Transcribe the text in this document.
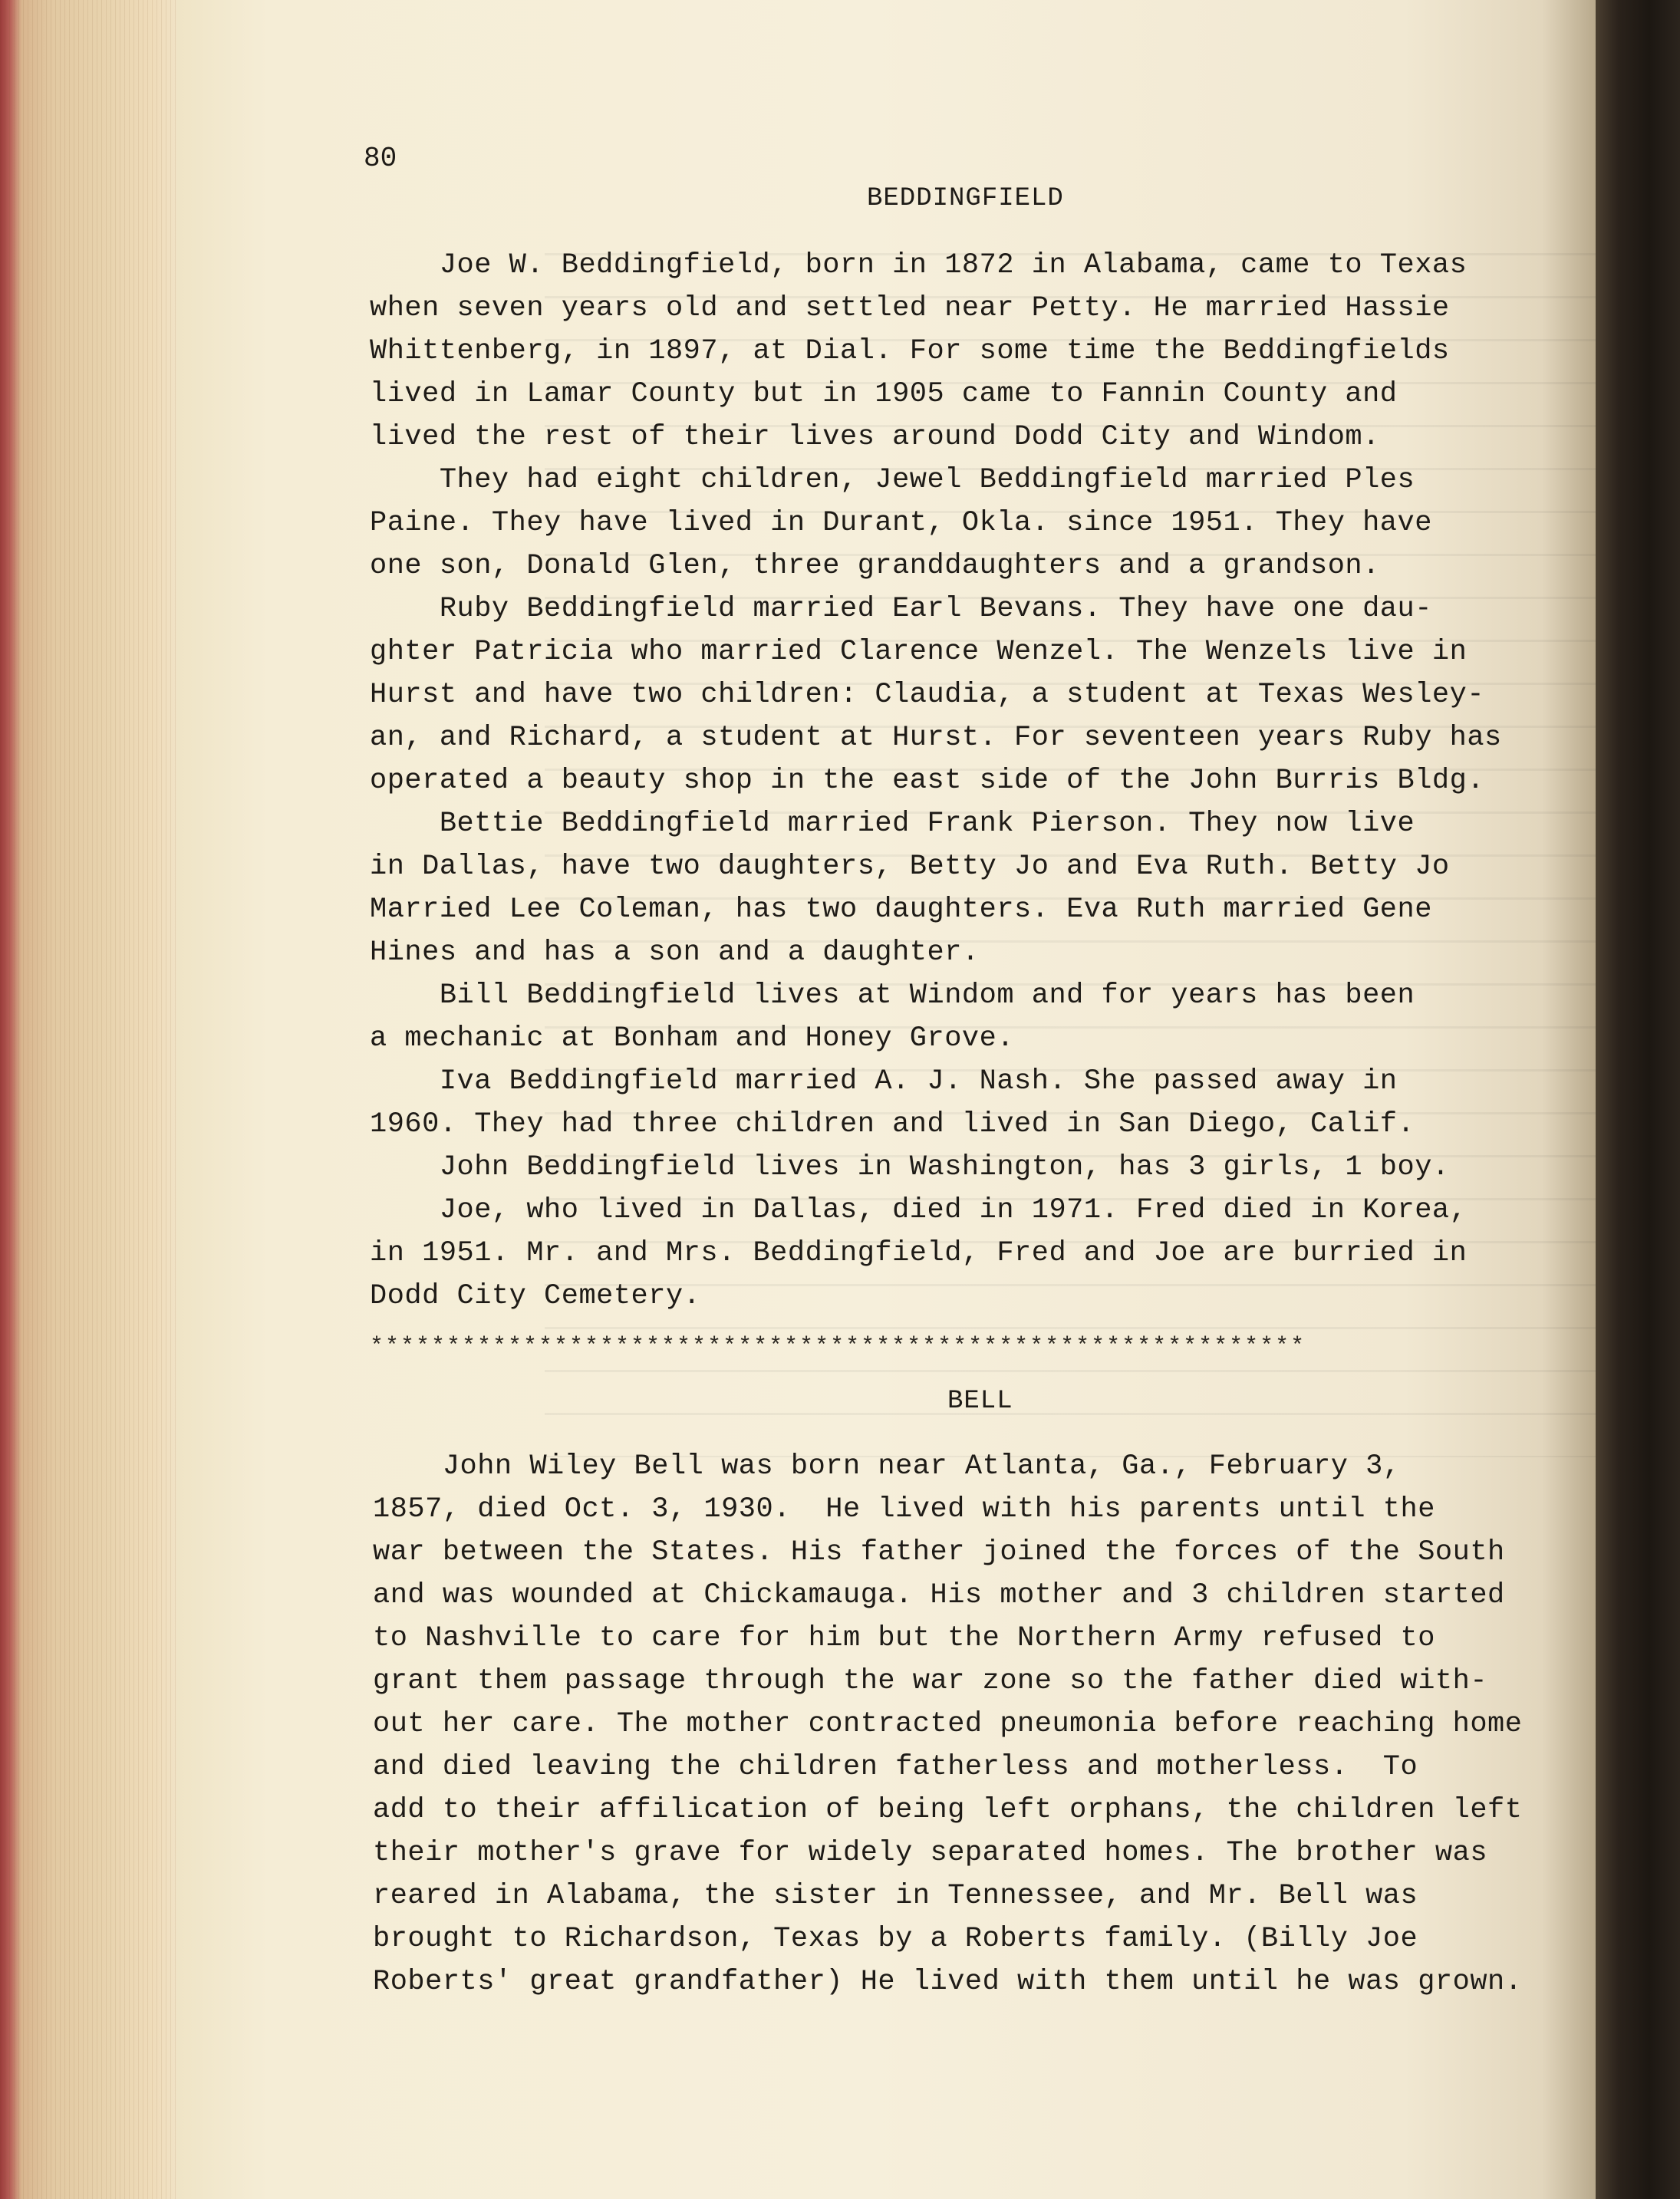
80
BEDDINGFIELD
Joe W. Beddingfield, born in 1872 in Alabama, came to Texas
when seven years old and settled near Petty. He married Hassie
Whittenberg, in 1897, at Dial. For some time the Beddingfields
lived in Lamar County but in 1905 came to Fannin County and
lived the rest of their lives around Dodd City and Windom.
They had eight children, Jewel Beddingfield married Ples
Paine. They have lived in Durant, Okla. since 1951. They have
one son, Donald Glen, three granddaughters and a grandson.
Ruby Beddingfield married Earl Bevans. They have one dau-
ghter Patricia who married Clarence Wenzel. The Wenzels live in
Hurst and have two children: Claudia, a student at Texas Wesley-
an, and Richard, a student at Hurst. For seventeen years Ruby has
operated a beauty shop in the east side of the John Burris Bldg.
Bettie Beddingfield married Frank Pierson. They now live
in Dallas, have two daughters, Betty Jo and Eva Ruth. Betty Jo
Married Lee Coleman, has two daughters. Eva Ruth married Gene
Hines and has a son and a daughter.
Bill Beddingfield lives at Windom and for years has been
a mechanic at Bonham and Honey Grove.
Iva Beddingfield married A. J. Nash. She passed away in
1960. They had three children and lived in San Diego, Calif.
John Beddingfield lives in Washington, has 3 girls, 1 boy.
Joe, who lived in Dallas, died in 1971. Fred died in Korea,
in 1951. Mr. and Mrs. Beddingfield, Fred and Joe are burried in
Dodd City Cemetery.
*************************************************************
BELL
John Wiley Bell was born near Atlanta, Ga., February 3,
1857, died Oct. 3, 1930.  He lived with his parents until the
war between the States. His father joined the forces of the South
and was wounded at Chickamauga. His mother and 3 children started
to Nashville to care for him but the Northern Army refused to
grant them passage through the war zone so the father died with-
out her care. The mother contracted pneumonia before reaching home
and died leaving the children fatherless and motherless.  To
add to their affilication of being left orphans, the children left
their mother's grave for widely separated homes. The brother was
reared in Alabama, the sister in Tennessee, and Mr. Bell was
brought to Richardson, Texas by a Roberts family. (Billy Joe
Roberts' great grandfather) He lived with them until he was grown.
